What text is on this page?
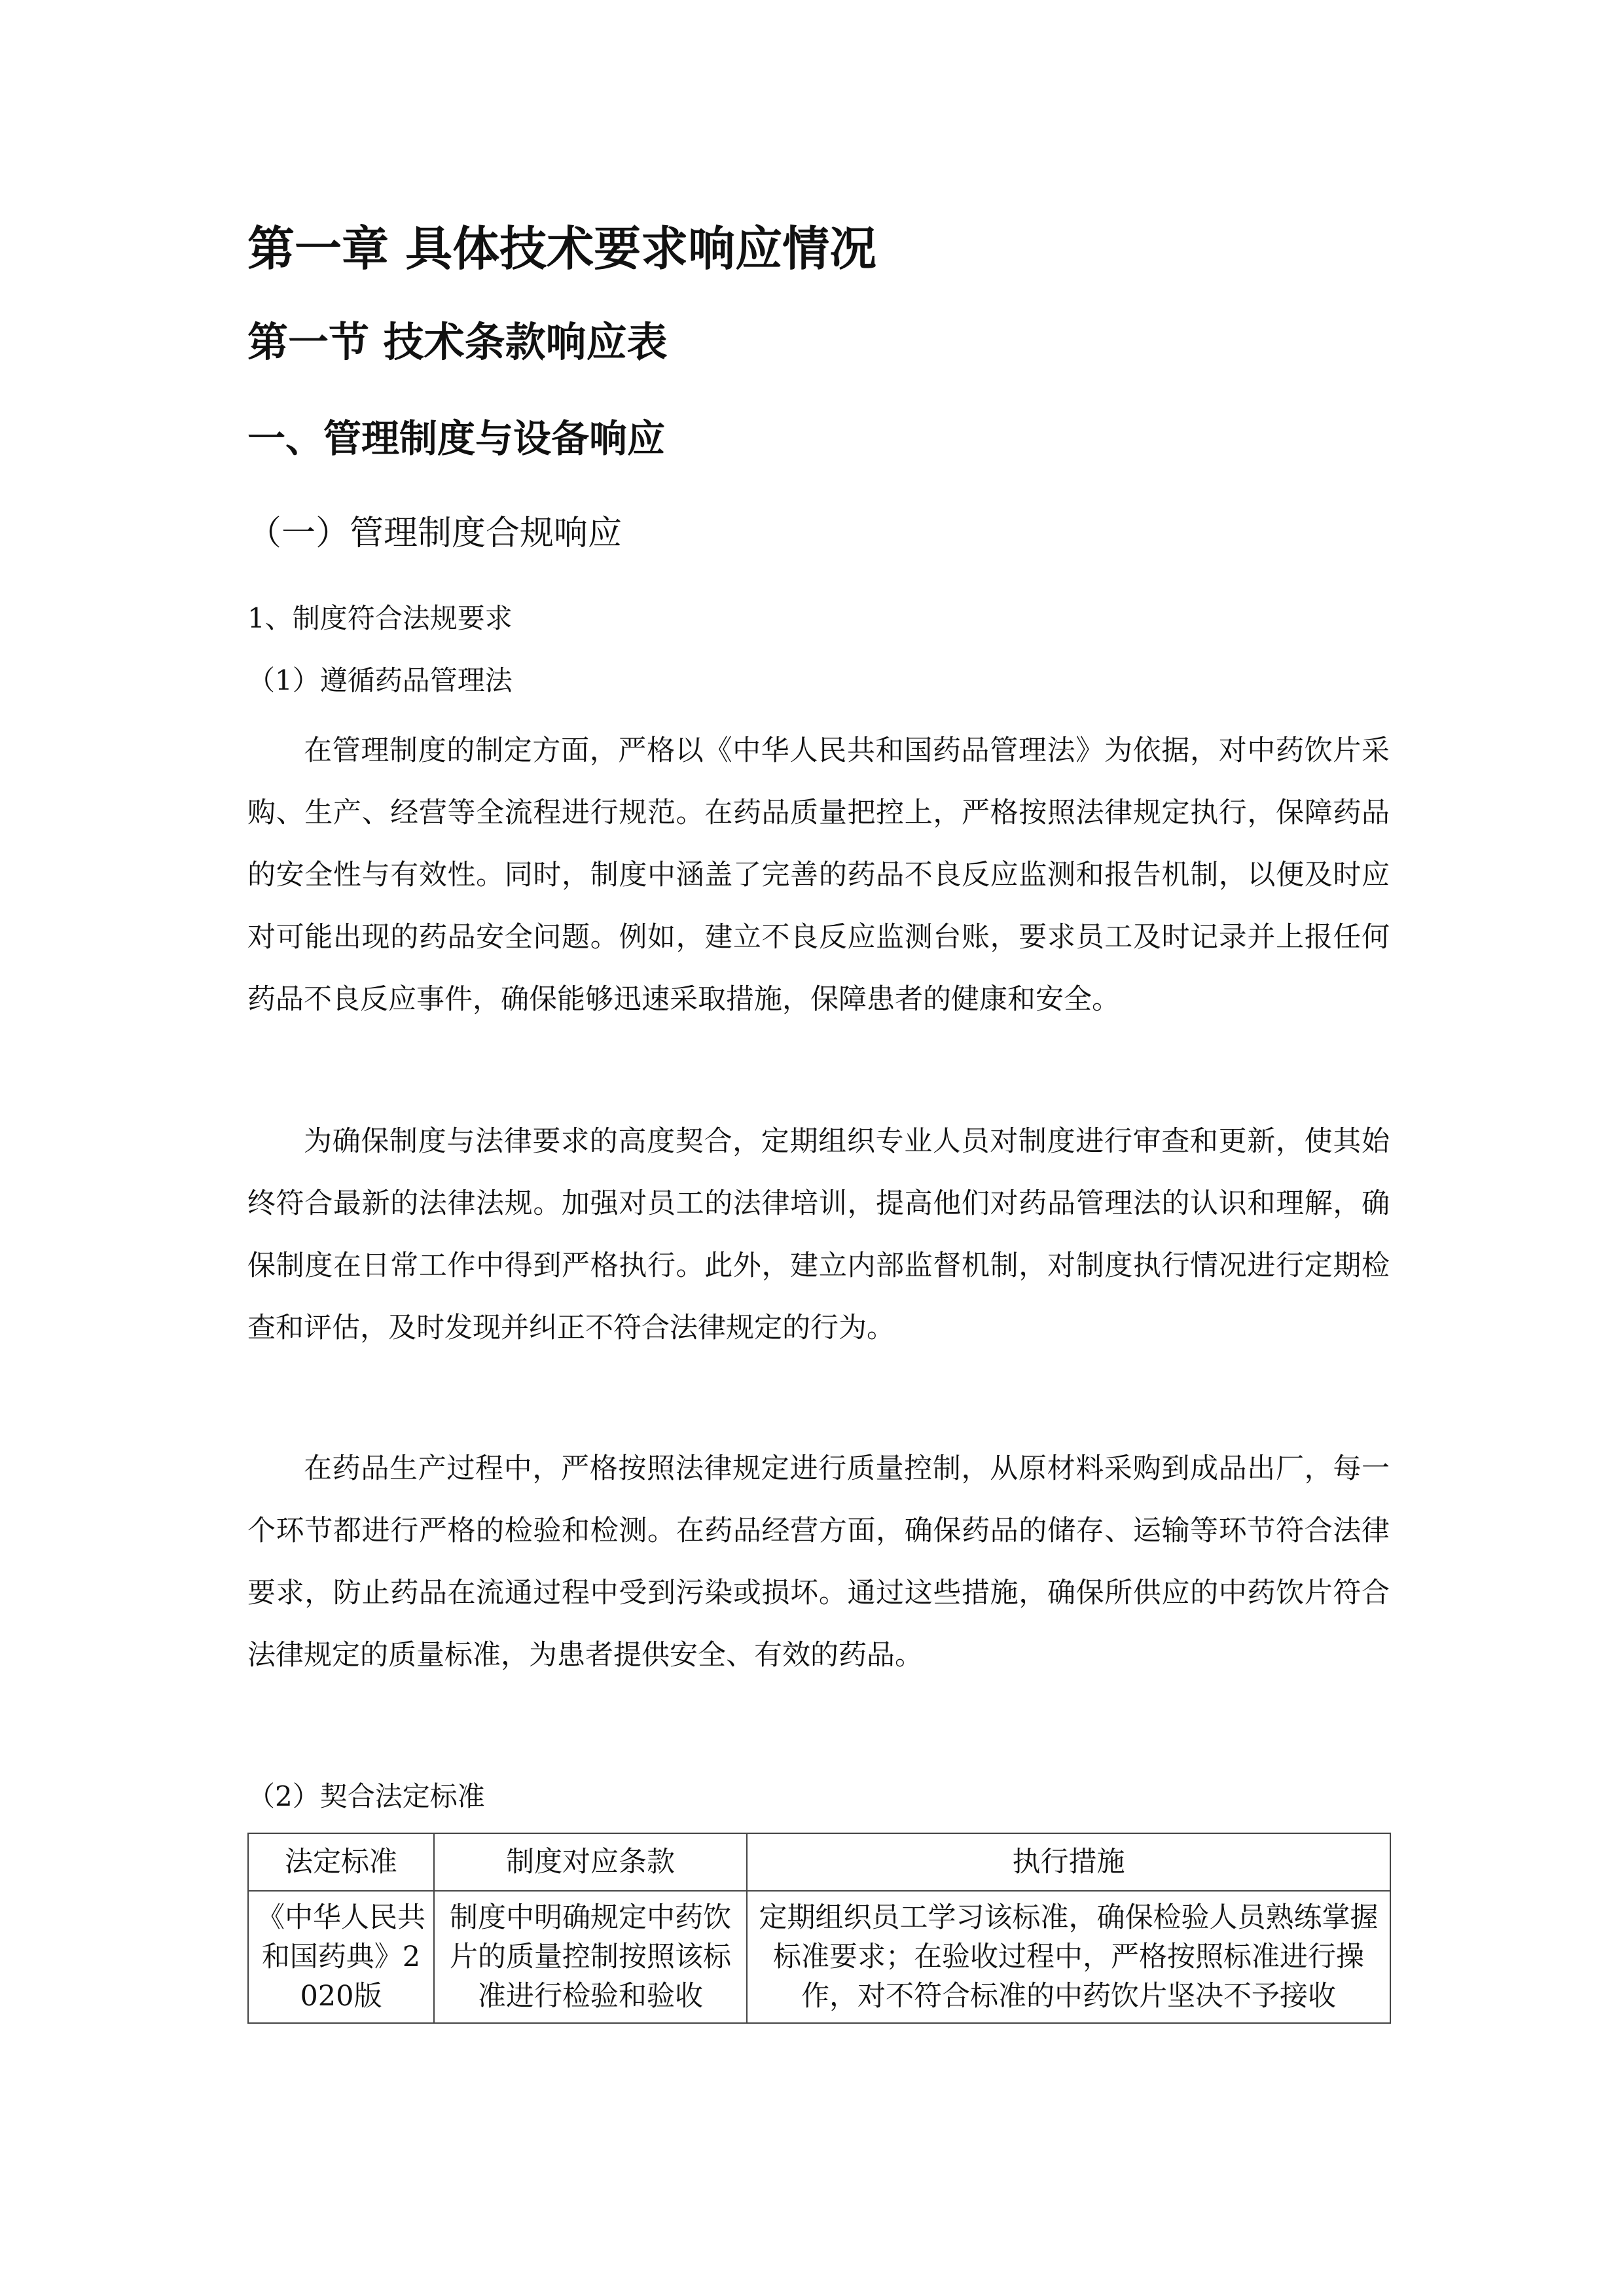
第一章 具体技术要求响应情况
第一节 技术条款响应表
一、管理制度与设备响应
（一）管理制度合规响应
1、制度符合法规要求
（1）遵循药品管理法

在管理制度的制定方面，严格以《中华人民共和国药品管理法》为依据，对中药饮片采购、生产、经营等全流程进行规范。在药品质量把控上，严格按照法律规定执行，保障药品的安全性与有效性。同时，制度中涵盖了完善的药品不良反应监测和报告机制，以便及时应对可能出现的药品安全问题。例如，建立不良反应监测台账，要求员工及时记录并上报任何药品不良反应事件，确保能够迅速采取措施，保障患者的健康和安全。

为确保制度与法律要求的高度契合，定期组织专业人员对制度进行审查和更新，使其始终符合最新的法律法规。加强对员工的法律培训，提高他们对药品管理法的认识和理解，确保制度在日常工作中得到严格执行。此外，建立内部监督机制，对制度执行情况进行定期检查和评估，及时发现并纠正不符合法律规定的行为。

在药品生产过程中，严格按照法律规定进行质量控制，从原材料采购到成品出厂，每一个环节都进行严格的检验和检测。在药品经营方面，确保药品的储存、运输等环节符合法律要求，防止药品在流通过程中受到污染或损坏。通过这些措施，确保所供应的中药饮片符合法律规定的质量标准，为患者提供安全、有效的药品。

（2）契合法定标准
法定标准	制度对应条款	执行措施
《中华人民共和国药典》2020版	制度中明确规定中药饮片的质量控制按照该标准进行检验和验收	定期组织员工学习该标准，确保检验人员熟练掌握标准要求；在验收过程中，严格按照标准进行操作，对不符合标准的中药饮片坚决不予接收
